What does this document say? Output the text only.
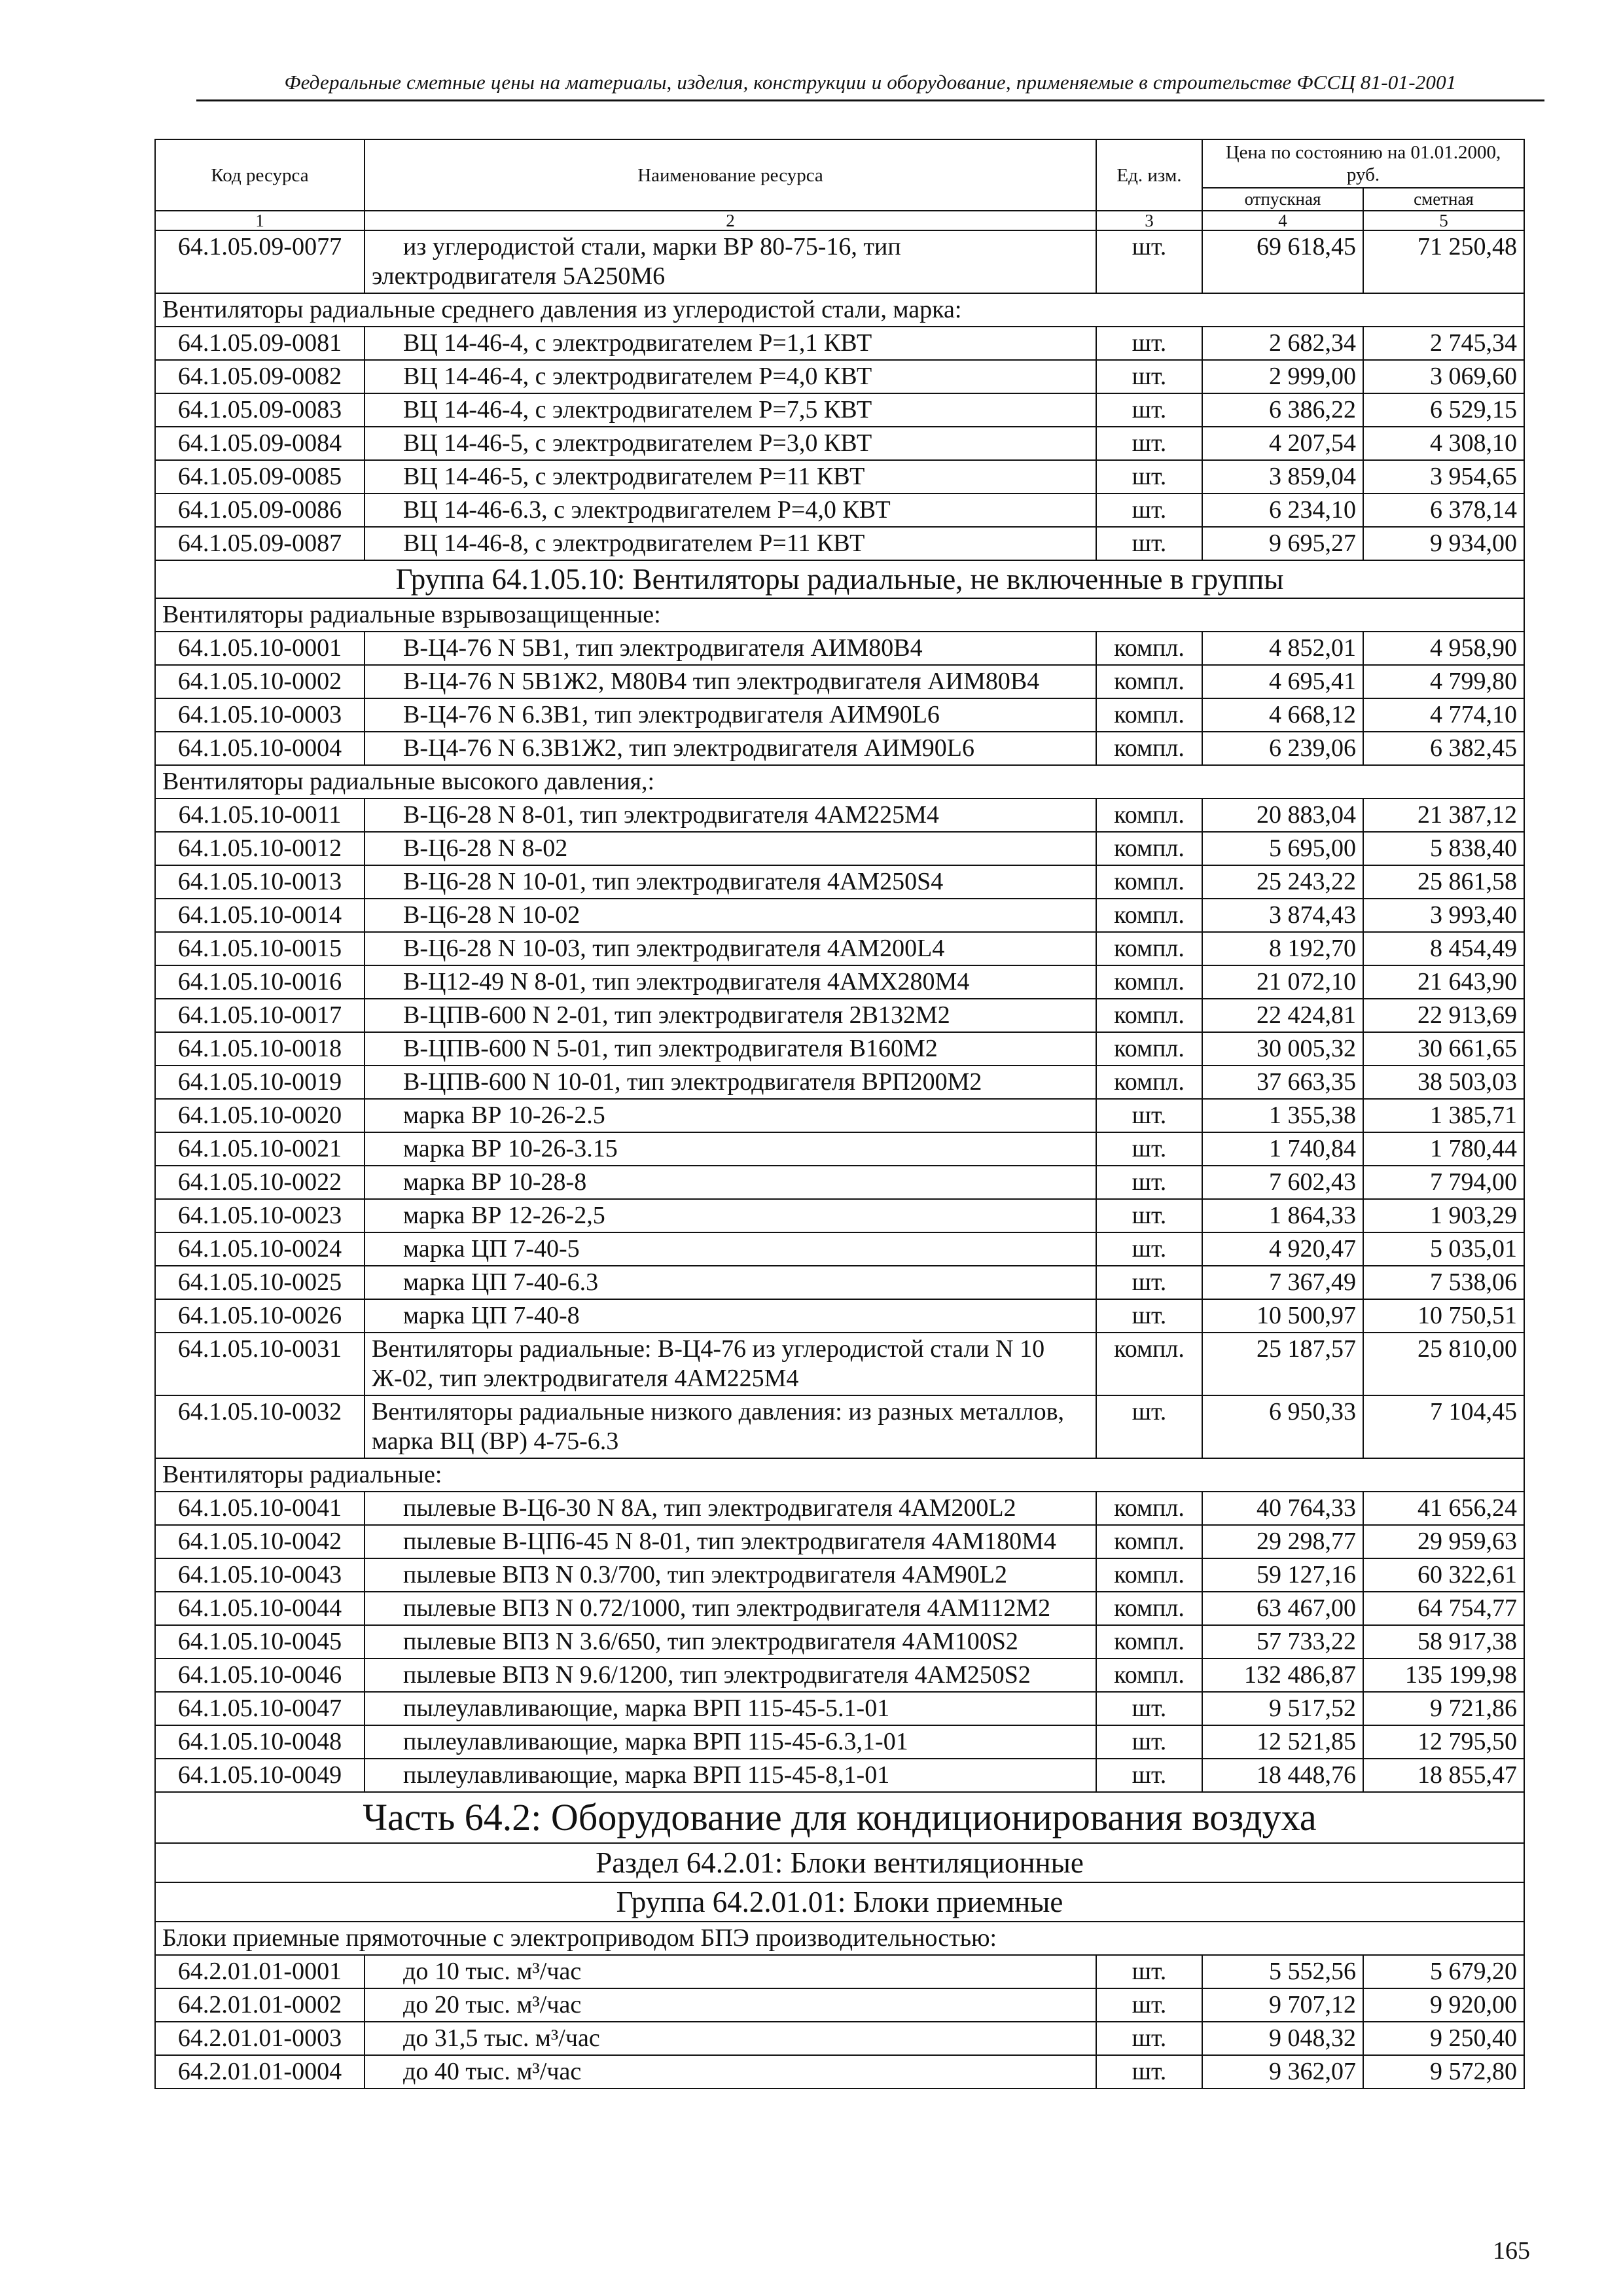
Федеральные сметные цены на материалы, изделия, конструкции и оборудование, применяемые в строительстве ФССЦ 81-01-2001
Код ресурса	Наименование ресурса	Ед. изм.	Цена по состоянию на 01.01.2000, руб.	
			отпускная	сметная
1	2	3	4	5
64.1.05.09-0077	из углеродистой стали, марки ВР 80-75-16, тип электродвигателя 5А250М6	шт.	69 618,45	71 250,48
Вентиляторы радиальные среднего давления из углеродистой стали, марка:				
64.1.05.09-0081	ВЦ 14-46-4, с электродвигателем Р=1,1 КВТ	шт.	2 682,34	2 745,34
64.1.05.09-0082	ВЦ 14-46-4, с электродвигателем Р=4,0 КВТ	шт.	2 999,00	3 069,60
64.1.05.09-0083	ВЦ 14-46-4, с электродвигателем Р=7,5 КВТ	шт.	6 386,22	6 529,15
64.1.05.09-0084	ВЦ 14-46-5, с электродвигателем Р=3,0 КВТ	шт.	4 207,54	4 308,10
64.1.05.09-0085	ВЦ 14-46-5, с электродвигателем Р=11 КВТ	шт.	3 859,04	3 954,65
64.1.05.09-0086	ВЦ 14-46-6.3, с электродвигателем Р=4,0 КВТ	шт.	6 234,10	6 378,14
64.1.05.09-0087	ВЦ 14-46-8, с электродвигателем Р=11 КВТ	шт.	9 695,27	9 934,00
Группа 64.1.05.10: Вентиляторы радиальные, не включенные в группы				
Вентиляторы радиальные взрывозащищенные:				
64.1.05.10-0001	В-Ц4-76 N 5В1, тип электродвигателя АИМ80В4	компл.	4 852,01	4 958,90
64.1.05.10-0002	В-Ц4-76 N 5В1Ж2, М80В4 тип электродвигателя АИМ80В4	компл.	4 695,41	4 799,80
64.1.05.10-0003	В-Ц4-76 N 6.3В1, тип электродвигателя АИМ90L6	компл.	4 668,12	4 774,10
64.1.05.10-0004	В-Ц4-76 N 6.3В1Ж2, тип электродвигателя АИМ90L6	компл.	6 239,06	6 382,45
Вентиляторы радиальные высокого давления,:				
64.1.05.10-0011	В-Ц6-28 N 8-01, тип электродвигателя 4АМ225М4	компл.	20 883,04	21 387,12
64.1.05.10-0012	В-Ц6-28 N 8-02	компл.	5 695,00	5 838,40
64.1.05.10-0013	В-Ц6-28 N 10-01, тип электродвигателя 4АМ250S4	компл.	25 243,22	25 861,58
64.1.05.10-0014	В-Ц6-28 N 10-02	компл.	3 874,43	3 993,40
64.1.05.10-0015	В-Ц6-28 N 10-03, тип электродвигателя 4АМ200L4	компл.	8 192,70	8 454,49
64.1.05.10-0016	В-Ц12-49 N 8-01, тип электродвигателя 4АМХ280М4	компл.	21 072,10	21 643,90
64.1.05.10-0017	В-ЦПВ-600 N 2-01, тип электродвигателя 2В132М2	компл.	22 424,81	22 913,69
64.1.05.10-0018	В-ЦПВ-600 N 5-01, тип электродвигателя В160М2	компл.	30 005,32	30 661,65
64.1.05.10-0019	В-ЦПВ-600 N 10-01, тип электродвигателя ВРП200М2	компл.	37 663,35	38 503,03
64.1.05.10-0020	марка ВР 10-26-2.5	шт.	1 355,38	1 385,71
64.1.05.10-0021	марка ВР 10-26-3.15	шт.	1 740,84	1 780,44
64.1.05.10-0022	марка ВР 10-28-8	шт.	7 602,43	7 794,00
64.1.05.10-0023	марка ВР 12-26-2,5	шт.	1 864,33	1 903,29
64.1.05.10-0024	марка ЦП 7-40-5	шт.	4 920,47	5 035,01
64.1.05.10-0025	марка ЦП 7-40-6.3	шт.	7 367,49	7 538,06
64.1.05.10-0026	марка ЦП 7-40-8	шт.	10 500,97	10 750,51
64.1.05.10-0031	Вентиляторы радиальные: В-Ц4-76 из углеродистой стали N 10 Ж-02, тип электродвигателя 4АМ225М4	компл.	25 187,57	25 810,00
64.1.05.10-0032	Вентиляторы радиальные низкого давления: из разных металлов, марка ВЦ (ВР) 4-75-6.3	шт.	6 950,33	7 104,45
Вентиляторы радиальные:				
64.1.05.10-0041	пылевые В-Ц6-30 N 8А, тип электродвигателя 4АМ200L2	компл.	40 764,33	41 656,24
64.1.05.10-0042	пылевые В-ЦП6-45 N 8-01, тип электродвигателя 4АМ180М4	компл.	29 298,77	29 959,63
64.1.05.10-0043	пылевые ВПЗ N 0.3/700, тип электродвигателя 4АМ90L2	компл.	59 127,16	60 322,61
64.1.05.10-0044	пылевые ВПЗ N 0.72/1000, тип электродвигателя 4АМ112М2	компл.	63 467,00	64 754,77
64.1.05.10-0045	пылевые ВПЗ N 3.6/650, тип электродвигателя 4АМ100S2	компл.	57 733,22	58 917,38
64.1.05.10-0046	пылевые ВПЗ N 9.6/1200, тип электродвигателя 4АМ250S2	компл.	132 486,87	135 199,98
64.1.05.10-0047	пылеулавливающие, марка ВРП 115-45-5.1-01	шт.	9 517,52	9 721,86
64.1.05.10-0048	пылеулавливающие, марка ВРП 115-45-6.3,1-01	шт.	12 521,85	12 795,50
64.1.05.10-0049	пылеулавливающие, марка ВРП 115-45-8,1-01	шт.	18 448,76	18 855,47
Часть 64.2: Оборудование для кондиционирования воздуха				
Раздел 64.2.01: Блоки вентиляционные				
Группа 64.2.01.01: Блоки приемные				
Блоки приемные прямоточные с электроприводом БПЭ производительностью:				
64.2.01.01-0001	до 10 тыс. м³/час	шт.	5 552,56	5 679,20
64.2.01.01-0002	до 20 тыс. м³/час	шт.	9 707,12	9 920,00
64.2.01.01-0003	до 31,5 тыс. м³/час	шт.	9 048,32	9 250,40
64.2.01.01-0004	до 40 тыс. м³/час	шт.	9 362,07	9 572,80
165
